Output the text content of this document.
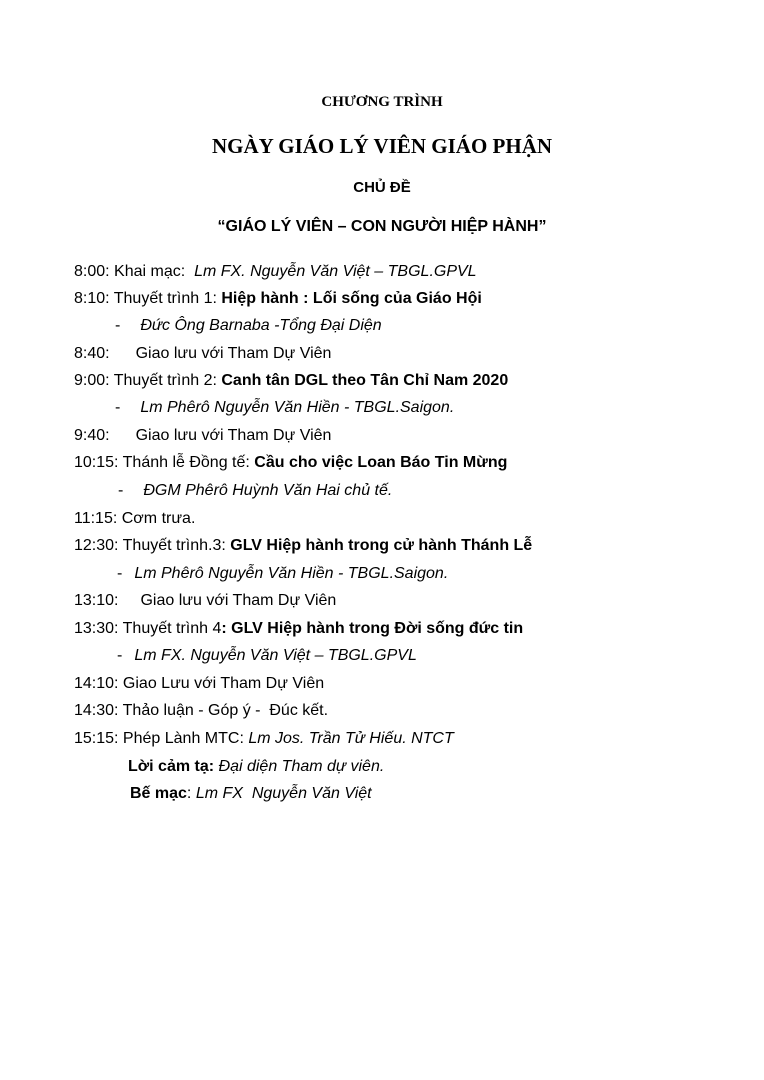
CHƯƠNG TRÌNH
NGÀY GIÁO LÝ VIÊN GIÁO PHẬN
CHỦ ĐỀ
“GIÁO LÝ VIÊN – CON NGƯỜI HIỆP HÀNH”
8:00: Khai mạc:  Lm FX. Nguyễn Văn Việt – TBGL.GPVL
8:10: Thuyết trình 1: Hiệp hành : Lối sống của Giáo Hội
- Đức Ông Barnaba -Tổng Đại Diện
8:40: Giao lưu với Tham Dự Viên
9:00: Thuyết trình 2: Canh tân DGL theo Tân Chỉ Nam 2020
- Lm Phêrô Nguyễn Văn Hiền - TBGL.Saigon.
9:40: Giao lưu với Tham Dự Viên
10:15: Thánh lễ Đồng tế: Cầu cho việc Loan Báo Tin Mừng
- ĐGM Phêrô Huỳnh Văn Hai chủ tế.
11:15: Cơm trưa.
12:30: Thuyết trình.3: GLV Hiệp hành trong cử hành Thánh Lễ
- Lm Phêrô Nguyễn Văn Hiền - TBGL.Saigon.
13:10: Giao lưu với Tham Dự Viên
13:30: Thuyết trình 4: GLV Hiệp hành trong Đời sống đức tin
- Lm FX. Nguyễn Văn Việt – TBGL.GPVL
14:10: Giao Lưu với Tham Dự Viên
14:30: Thảo luận - Góp ý -  Đúc kết.
15:15: Phép Lành MTC: Lm Jos. Trần Tử Hiếu. NTCT
Lời cảm tạ: Đại diện Tham dự viên.
Bế mạc: Lm FX  Nguyễn Văn Việt
